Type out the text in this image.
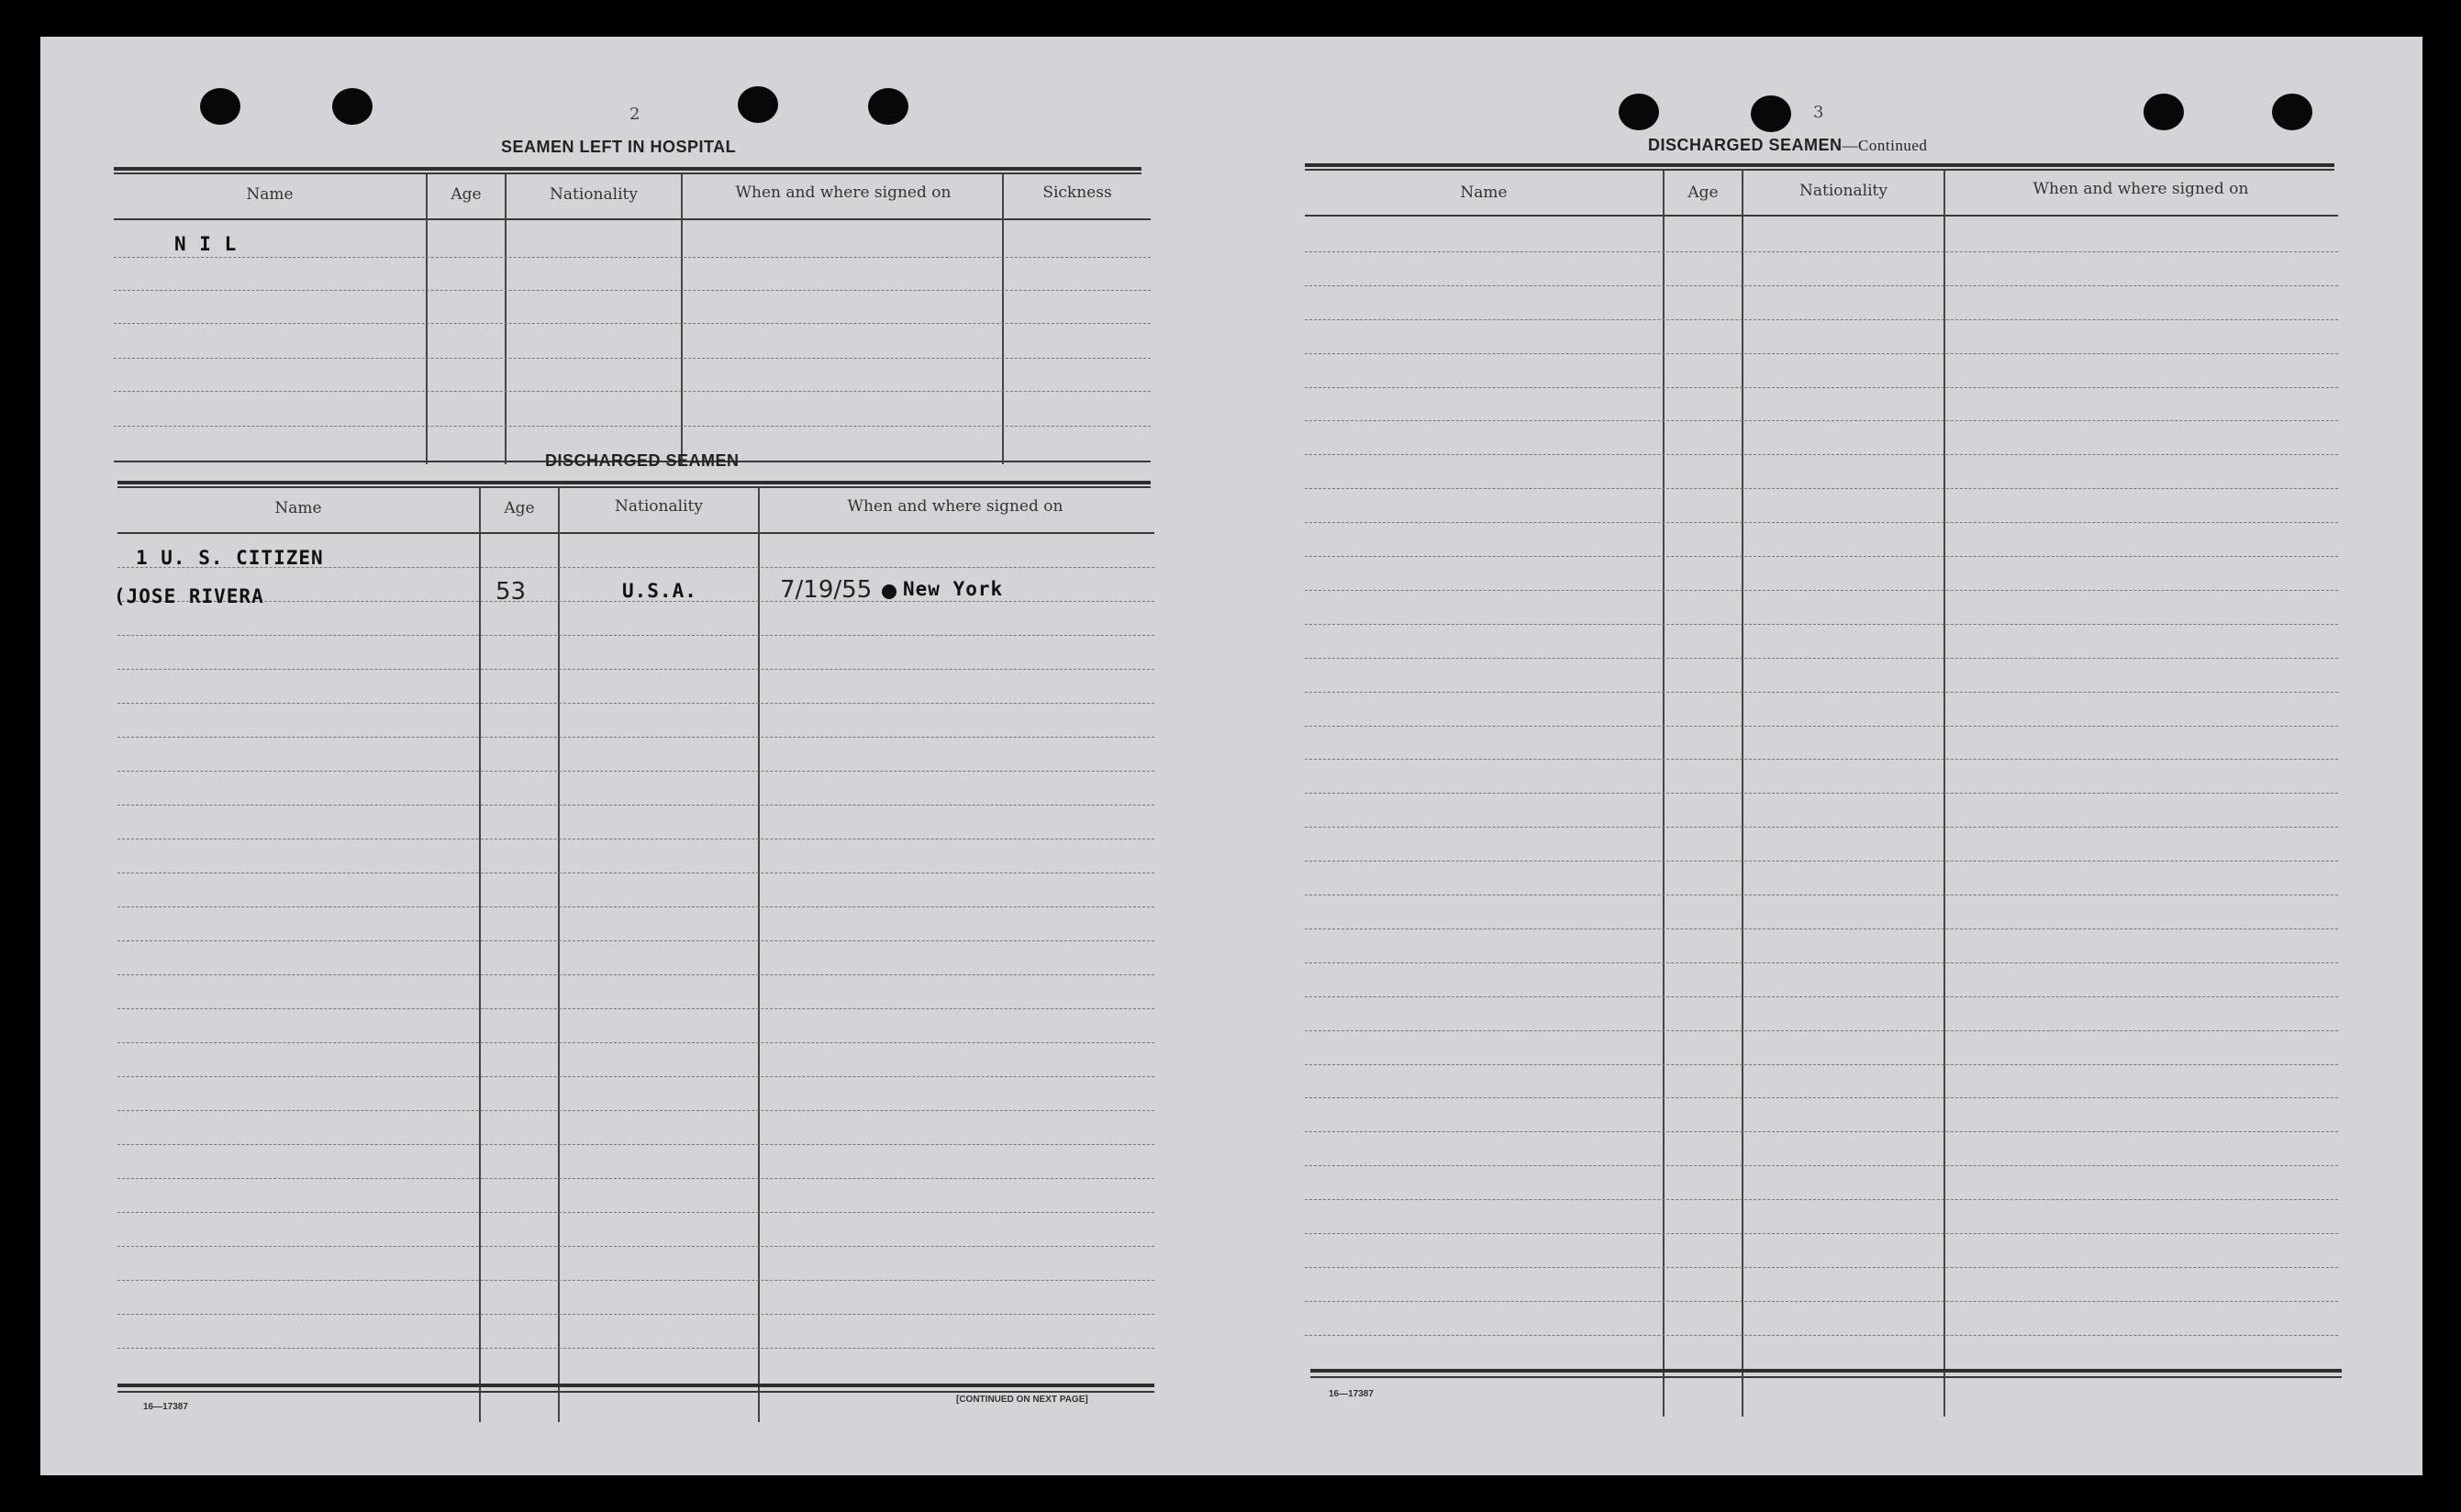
2
SEAMEN LEFT IN HOSPITAL
Name	Age	Nationality	When and where signed on	Sickness
N I L
DISCHARGED SEAMEN
Name	Age	Nationality	When and where signed on
1 U. S. CITIZEN
(JOSE RIVERA	53	U.S.A.	7/19/55 New York
16—17387
[CONTINUED ON NEXT PAGE]
3
DISCHARGED SEAMEN—Continued
Name	Age	Nationality	When and where signed on
16—17387
